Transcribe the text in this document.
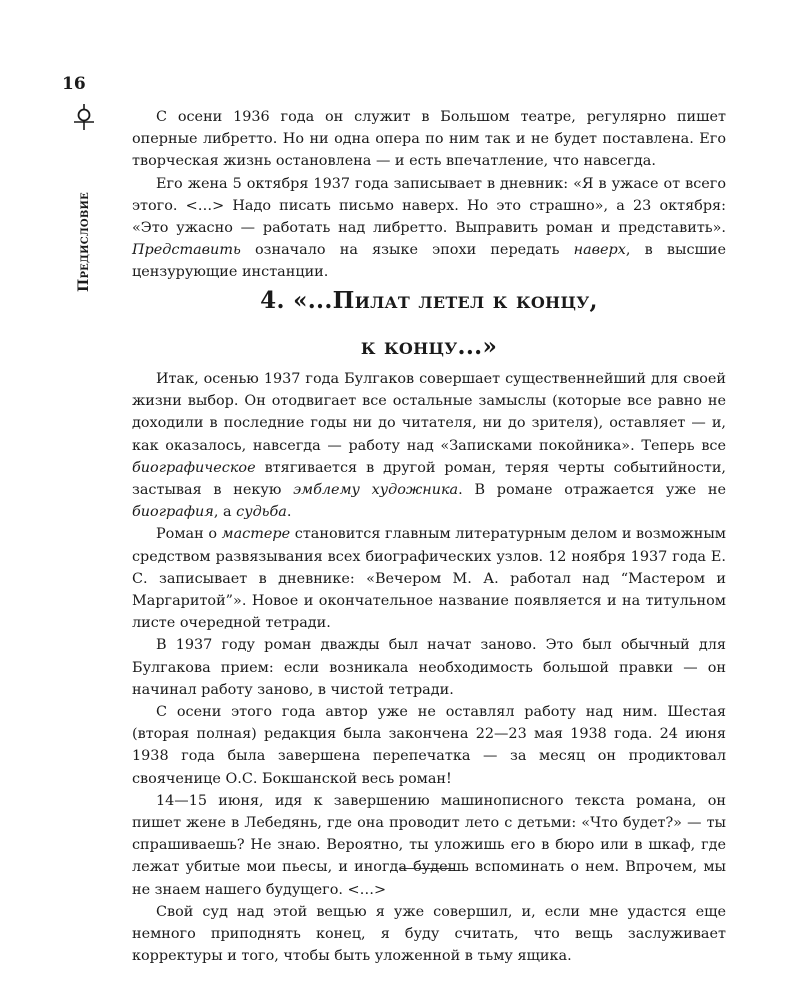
16
Предисловие

С осени 1936 года он служит в Большом театре, регулярно пишет оперные либретто. Но ни одна опера по ним так и не будет поставлена. Его творческая жизнь остановлена — и есть впечатление, что навсегда.

Его жена 5 октября 1937 года записывает в дневник: «Я в ужасе от всего этого. <…> Надо писать письмо наверх. Но это страшно», а 23 октября: «Это ужасно — работать над либретто. Выправить роман и представить». Представить означало на языке эпохи передать наверх, в высшие цензурующие инстанции.

4. «...Пилат летел к концу,
к концу...»

Итак, осенью 1937 года Булгаков совершает существеннейший для своей жизни выбор. Он отодвигает все остальные замыслы (которые все равно не доходили в последние годы ни до читателя, ни до зрителя), оставляет — и, как оказалось, навсегда — работу над «Записками покойника». Теперь все биографическое втягивается в другой роман, теряя черты событийности, застывая в некую эмблему художника. В романе отражается уже не биография, а судьба.

Роман о мастере становится главным литературным делом и возможным средством развязывания всех биографических узлов. 12 ноября 1937 года Е. С. записывает в дневнике: «Вечером М. А. работал над “Мастером и Маргаритой”». Новое и окончательное название появляется и на титульном листе очередной тетради.

В 1937 году роман дважды был начат заново. Это был обычный для Булгакова прием: если возникала необходимость большой правки — он начинал работу заново, в чистой тетради.

С осени этого года автор уже не оставлял работу над ним. Шестая (вторая полная) редакция была закончена 22—23 мая 1938 года. 24 июня 1938 года была завершена перепечатка — за месяц он продиктовал свояченице О.С. Бокшанской весь роман!

14—15 июня, идя к завершению машинописного текста романа, он пишет жене в Лебедянь, где она проводит лето с детьми: «Что будет?» — ты спрашиваешь? Не знаю. Вероятно, ты уложишь его в бюро или в шкаф, где лежат убитые мои пьесы, и иногда будешь вспоминать о нем. Впрочем, мы не знаем нашего будущего. <…>

Свой суд над этой вещью я уже совершил, и, если мне удастся еще немного приподнять конец, я буду считать, что вещь заслуживает корректуры и того, чтобы быть уложенной в тьму ящика.
